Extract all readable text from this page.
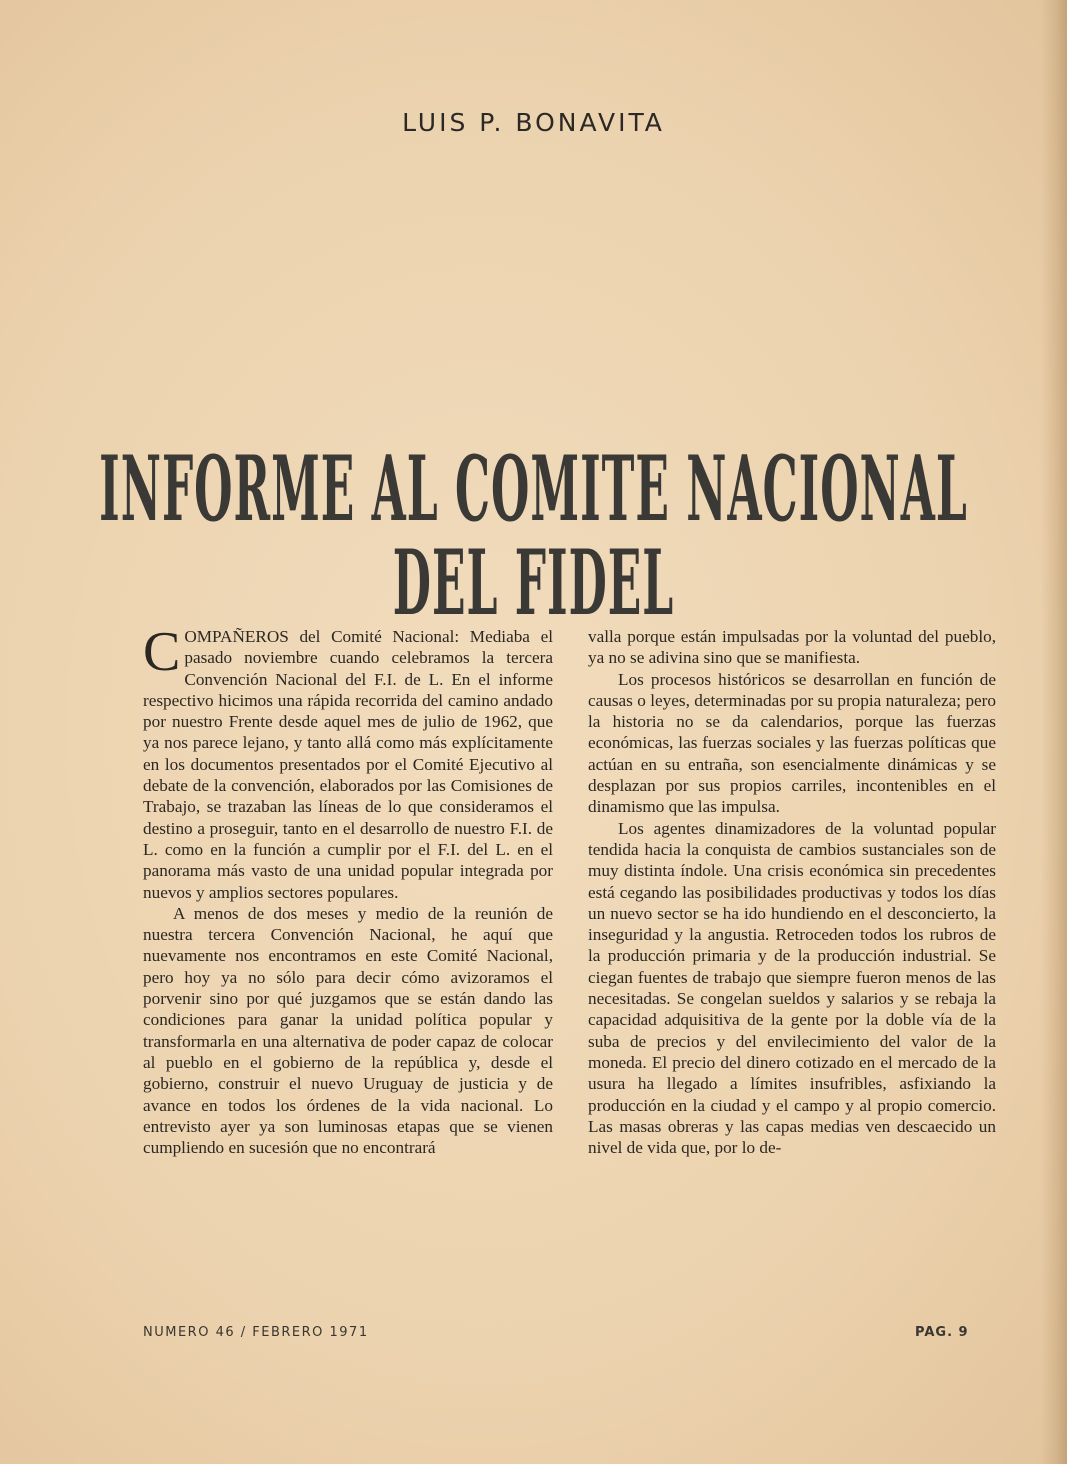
LUIS P. BONAVITA
INFORME AL COMITE NACIONAL
DEL FIDEL

COMPAÑEROS del Comité Nacional: Mediaba el pasado noviembre cuando celebramos la tercera Convención Nacional del F.I. de L. En el informe respectivo hicimos una rápida recorrida del camino andado por nuestro Frente desde aquel mes de julio de 1962, que ya nos parece lejano, y tanto allá como más explícitamente en los documentos presentados por el Comité Ejecutivo al debate de la convención, elaborados por las Comisiones de Trabajo, se trazaban las líneas de lo que consideramos el destino a proseguir, tanto en el desarrollo de nuestro F.I. de L. como en la función a cumplir por el F.I. del L. en el panorama más vasto de una unidad popular integrada por nuevos y amplios sectores populares.

A menos de dos meses y medio de la reunión de nuestra tercera Convención Nacional, he aquí que nuevamente nos encontramos en este Comité Nacional, pero hoy ya no sólo para decir cómo avizoramos el porvenir sino por qué juzgamos que se están dando las condiciones para ganar la unidad política popular y transformarla en una alternativa de poder capaz de colocar al pueblo en el gobierno de la república y, desde el gobierno, construir el nuevo Uruguay de justicia y de avance en todos los órdenes de la vida nacional. Lo entrevisto ayer ya son luminosas etapas que se vienen cumpliendo en sucesión que no encontrará

valla porque están impulsadas por la voluntad del pueblo, ya no se adivina sino que se manifiesta.

Los procesos históricos se desarrollan en función de causas o leyes, determinadas por su propia naturaleza; pero la historia no se da calendarios, porque las fuerzas económicas, las fuerzas sociales y las fuerzas políticas que actúan en su entraña, son esencialmente dinámicas y se desplazan por sus propios carriles, incontenibles en el dinamismo que las impulsa.

Los agentes dinamizadores de la voluntad popular tendida hacia la conquista de cambios sustanciales son de muy distinta índole. Una crisis económica sin precedentes está cegando las posibilidades productivas y todos los días un nuevo sector se ha ido hundiendo en el desconcierto, la inseguridad y la angustia. Retroceden todos los rubros de la producción primaria y de la producción industrial. Se ciegan fuentes de trabajo que siempre fueron menos de las necesitadas. Se congelan sueldos y salarios y se rebaja la capacidad adquisitiva de la gente por la doble vía de la suba de precios y del envilecimiento del valor de la moneda. El precio del dinero cotizado en el mercado de la usura ha llegado a límites insufribles, asfixiando la producción en la ciudad y el campo y al propio comercio. Las masas obreras y las capas medias ven descaecido un nivel de vida que, por lo de-

NUMERO 46 / FEBRERO 1971	PAG. 9
